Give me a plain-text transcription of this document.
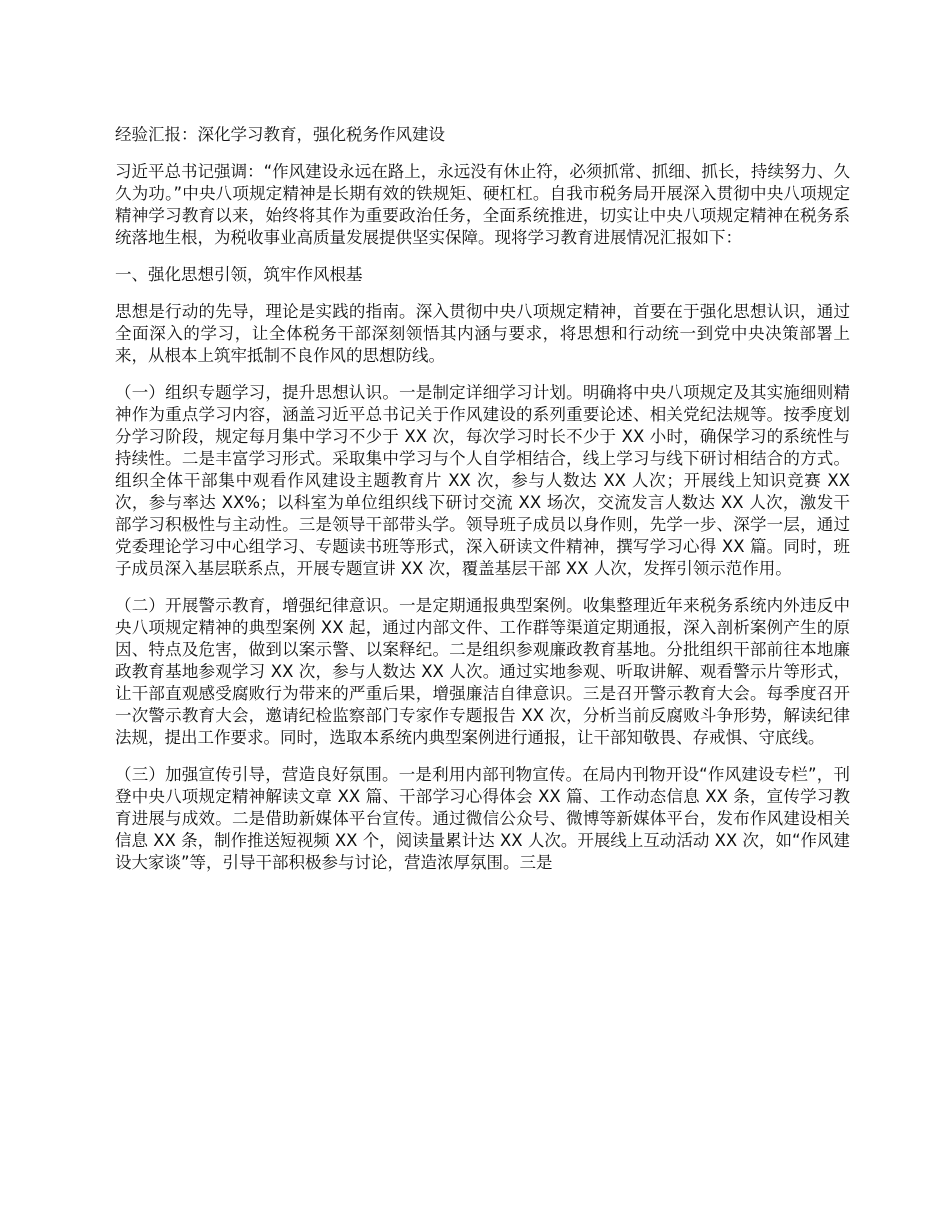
经验汇报：深化学习教育，强化税务作风建设

习近平总书记强调：“作风建设永远在路上，永远没有休止符，必须抓常、抓细、抓长，持续努力、久久为功。”中央八项规定精神是长期有效的铁规矩、硬杠杠。自我市税务局开展深入贯彻中央八项规定精神学习教育以来，始终将其作为重要政治任务，全面系统推进，切实让中央八项规定精神在税务系统落地生根，为税收事业高质量发展提供坚实保障。现将学习教育进展情况汇报如下：

一、强化思想引领，筑牢作风根基

思想是行动的先导，理论是实践的指南。深入贯彻中央八项规定精神，首要在于强化思想认识，通过全面深入的学习，让全体税务干部深刻领悟其内涵与要求，将思想和行动统一到党中央决策部署上来，从根本上筑牢抵制不良作风的思想防线。

（一）组织专题学习，提升思想认识。一是制定详细学习计划。明确将中央八项规定及其实施细则精神作为重点学习内容，涵盖习近平总书记关于作风建设的系列重要论述、相关党纪法规等。按季度划分学习阶段，规定每月集中学习不少于 XX 次，每次学习时长不少于 XX 小时，确保学习的系统性与持续性。二是丰富学习形式。采取集中学习与个人自学相结合，线上学习与线下研讨相结合的方式。组织全体干部集中观看作风建设主题教育片 XX 次，参与人数达 XX 人次；开展线上知识竞赛 XX 次，参与率达 XX%；以科室为单位组织线下研讨交流 XX 场次，交流发言人数达 XX 人次，激发干部学习积极性与主动性。三是领导干部带头学。领导班子成员以身作则，先学一步、深学一层，通过党委理论学习中心组学习、专题读书班等形式，深入研读文件精神，撰写学习心得 XX 篇。同时，班子成员深入基层联系点，开展专题宣讲 XX 次，覆盖基层干部 XX 人次，发挥引领示范作用。

（二）开展警示教育，增强纪律意识。一是定期通报典型案例。收集整理近年来税务系统内外违反中央八项规定精神的典型案例 XX 起，通过内部文件、工作群等渠道定期通报，深入剖析案例产生的原因、特点及危害，做到以案示警、以案释纪。二是组织参观廉政教育基地。分批组织干部前往本地廉政教育基地参观学习 XX 次，参与人数达 XX 人次。通过实地参观、听取讲解、观看警示片等形式，让干部直观感受腐败行为带来的严重后果，增强廉洁自律意识。三是召开警示教育大会。每季度召开一次警示教育大会，邀请纪检监察部门专家作专题报告 XX 次，分析当前反腐败斗争形势，解读纪律法规，提出工作要求。同时，选取本系统内典型案例进行通报，让干部知敬畏、存戒惧、守底线。

（三）加强宣传引导，营造良好氛围。一是利用内部刊物宣传。在局内刊物开设“作风建设专栏”，刊登中央八项规定精神解读文章 XX 篇、干部学习心得体会 XX 篇、工作动态信息 XX 条，宣传学习教育进展与成效。二是借助新媒体平台宣传。通过微信公众号、微博等新媒体平台，发布作风建设相关信息 XX 条，制作推送短视频 XX 个，阅读量累计达 XX 人次。开展线上互动活动 XX 次，如“作风建设大家谈”等，引导干部积极参与讨论，营造浓厚氛围。三是
